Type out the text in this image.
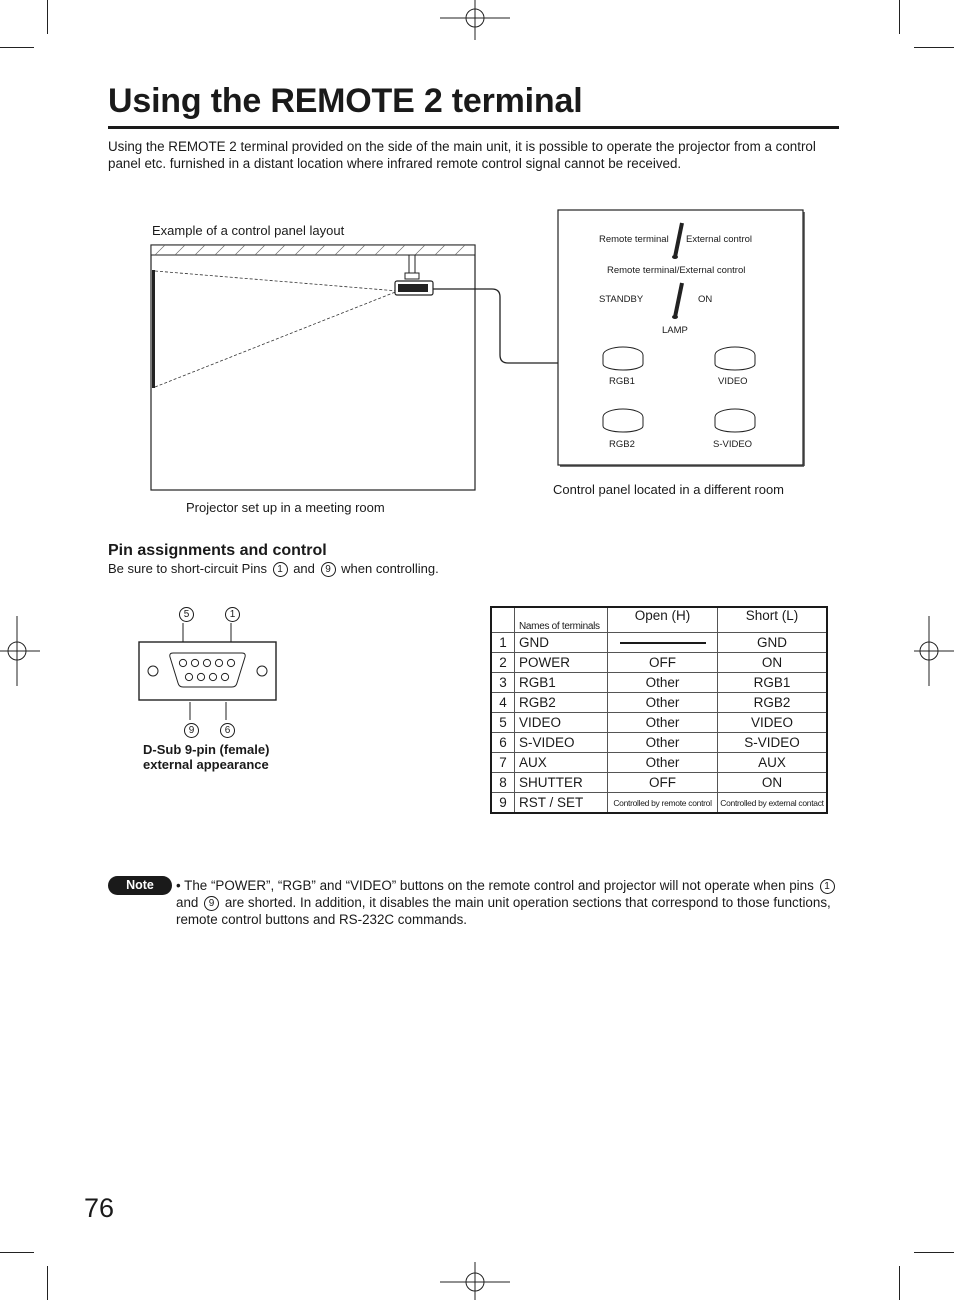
Using the REMOTE 2 terminal
Using the REMOTE 2 terminal provided on the side of the main unit, it is possible to operate the projector from a control panel etc. furnished in a distant location where infrared remote control signal cannot be received.
Example of a control panel layout
Projector set up in a meeting room
Control panel located in a different room
Remote terminal External control
Remote terminal/External control
STANDBY	ON
LAMP
RGB1	VIDEO
RGB2	S-VIDEO
Pin assignments and control
Be sure to short-circuit Pins 1 and 9 when controlling.
5	1
9	6
D-Sub 9-pin (female)
external appearance
	Names of terminals	Open (H)	Short (L)
1	GND		GND
2	POWER	OFF	ON
3	RGB1	Other	RGB1
4	RGB2	Other	RGB2
5	VIDEO	Other	VIDEO
6	S-VIDEO	Other	S-VIDEO
7	AUX	Other	AUX
8	SHUTTER	OFF	ON
9	RST / SET	Controlled by remote control	Controlled by external contact
Note	• The “POWER”, “RGB” and “VIDEO” buttons on the remote control and projector will not operate when pins 1 and 9 are shorted. In addition, it disables the main unit operation sections that correspond to those functions, remote control buttons and RS-232C commands.
76
